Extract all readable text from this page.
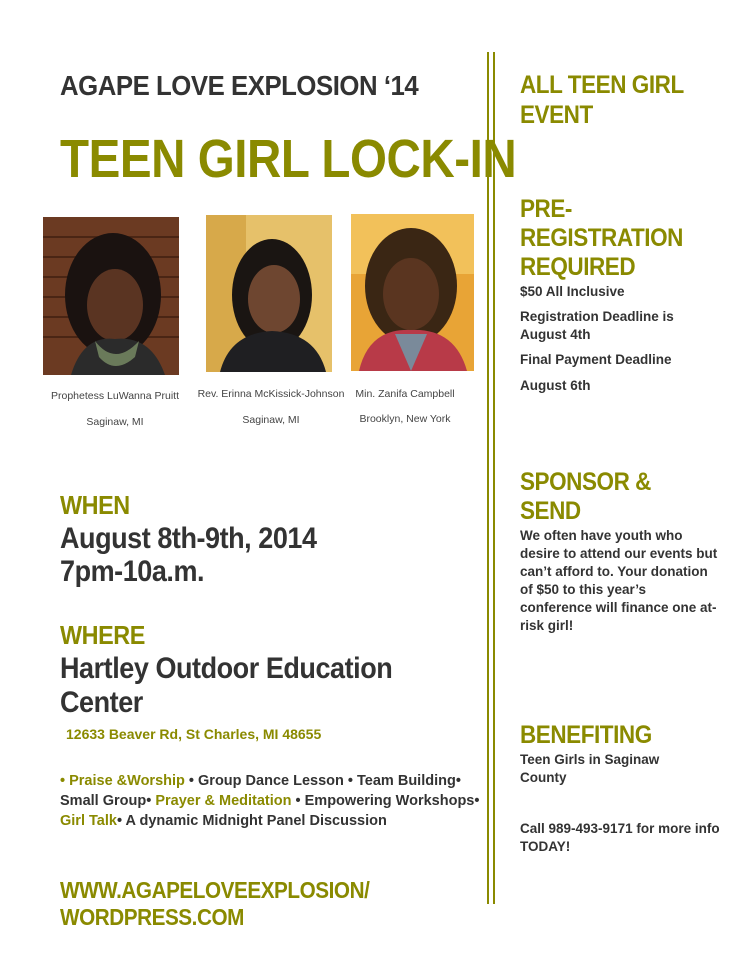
AGAPE LOVE EXPLOSION ‘14
TEEN GIRL LOCK-IN
Prophetess LuWanna Pruitt
Saginaw, MI
Rev. Erinna McKissick-Johnson
Saginaw, MI
Min. Zanifa Campbell
Brooklyn, New York
WHEN
August 8th-9th, 2014
7pm-10a.m.
WHERE
Hartley Outdoor Education
Center
12633 Beaver Rd, St Charles, MI 48655
• Praise &Worship • Group Dance Lesson • Team Building• Small Group• Prayer & Meditation • Empowering Workshops• Girl Talk• A dynamic Midnight Panel Discussion
WWW.AGAPELOVEEXPLOSION/
WORDPRESS.COM
ALL TEEN GIRL
EVENT
PRE-
REGISTRATION
REQUIRED
$50 All Inclusive
Registration Deadline is August 4th
Final Payment Deadline
August 6th
SPONSOR &
SEND
We often have youth who desire to attend our events but can’t afford to. Your donation of $50 to this year’s conference will finance one at-risk girl!
BENEFITING
Teen Girls in Saginaw County
Call 989-493-9171 for more info TODAY!
